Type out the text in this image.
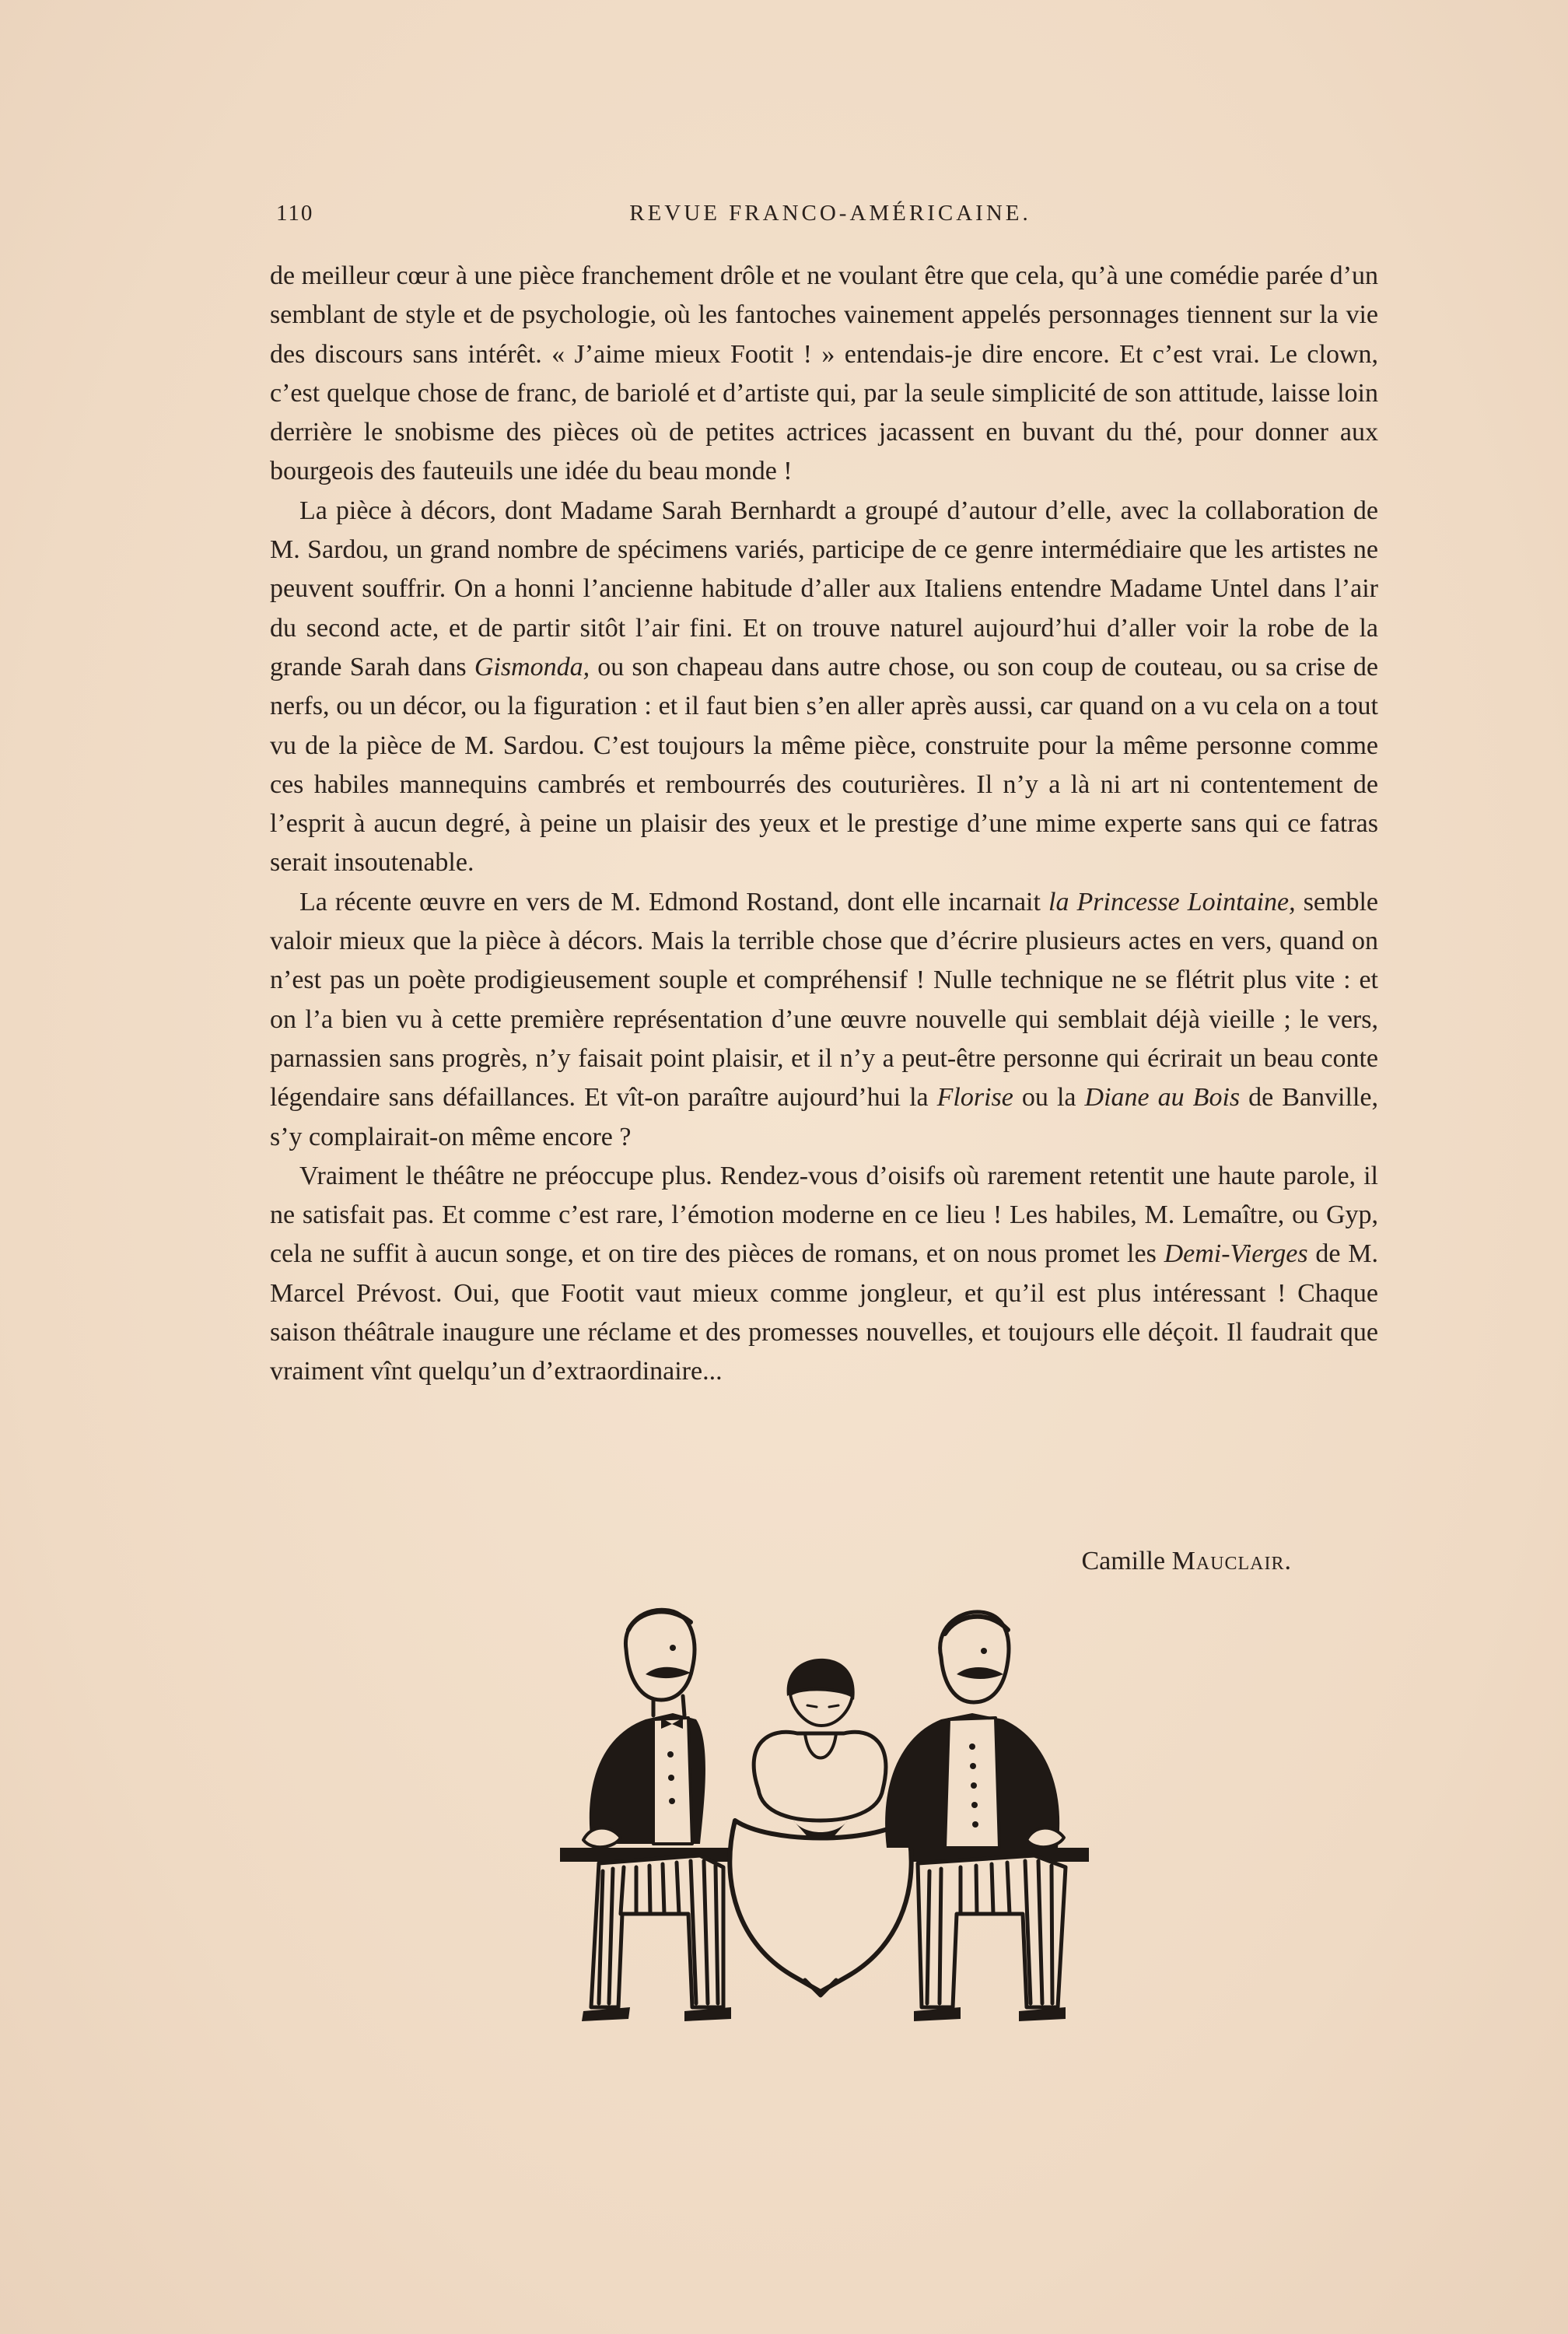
110	REVUE FRANCO-AMÉRICAINE.

de meilleur cœur à une pièce franchement drôle et ne voulant être que cela, qu’à une comédie parée d’un semblant de style et de psychologie, où les fantoches vainement appelés personnages tiennent sur la vie des discours sans intérêt. « J’aime mieux Footit ! » entendais-je dire encore. Et c’est vrai. Le clown, c’est quelque chose de franc, de bariolé et d’artiste qui, par la seule simplicité de son attitude, laisse loin derrière le snobisme des pièces où de petites actrices jacassent en buvant du thé, pour donner aux bourgeois des fauteuils une idée du beau monde !

La pièce à décors, dont Madame Sarah Bernhardt a groupé d’autour d’elle, avec la collaboration de M. Sardou, un grand nombre de spécimens variés, participe de ce genre intermédiaire que les artistes ne peuvent souffrir. On a honni l’ancienne habitude d’aller aux Italiens entendre Madame Untel dans l’air du second acte, et de partir sitôt l’air fini. Et on trouve naturel aujourd’hui d’aller voir la robe de la grande Sarah dans Gismonda, ou son chapeau dans autre chose, ou son coup de couteau, ou sa crise de nerfs, ou un décor, ou la figuration : et il faut bien s’en aller après aussi, car quand on a vu cela on a tout vu de la pièce de M. Sardou. C’est toujours la même pièce, construite pour la même personne comme ces habiles mannequins cambrés et rembourrés des couturières. Il n’y a là ni art ni contentement de l’esprit à aucun degré, à peine un plaisir des yeux et le prestige d’une mime experte sans qui ce fatras serait insoutenable.

La récente œuvre en vers de M. Edmond Rostand, dont elle incarnait la Princesse Lointaine, semble valoir mieux que la pièce à décors. Mais la terrible chose que d’écrire plusieurs actes en vers, quand on n’est pas un poète prodigieusement souple et compréhensif ! Nulle technique ne se flétrit plus vite : et on l’a bien vu à cette première représentation d’une œuvre nouvelle qui semblait déjà vieille ; le vers, parnassien sans progrès, n’y faisait point plaisir, et il n’y a peut-être personne qui écrirait un beau conte légendaire sans défaillances. Et vît-on paraître aujourd’hui la Florise ou la Diane au Bois de Banville, s’y complairait-on même encore ?

Vraiment le théâtre ne préoccupe plus. Rendez-vous d’oisifs où rarement retentit une haute parole, il ne satisfait pas. Et comme c’est rare, l’émotion moderne en ce lieu ! Les habiles, M. Lemaître, ou Gyp, cela ne suffit à aucun songe, et on tire des pièces de romans, et on nous promet les Demi-Vierges de M. Marcel Prévost. Oui, que Footit vaut mieux comme jongleur, et qu’il est plus intéressant ! Chaque saison théâtrale inaugure une réclame et des promesses nouvelles, et toujours elle déçoit. Il faudrait que vraiment vînt quelqu’un d’extraordinaire...

Camille Mauclair.
